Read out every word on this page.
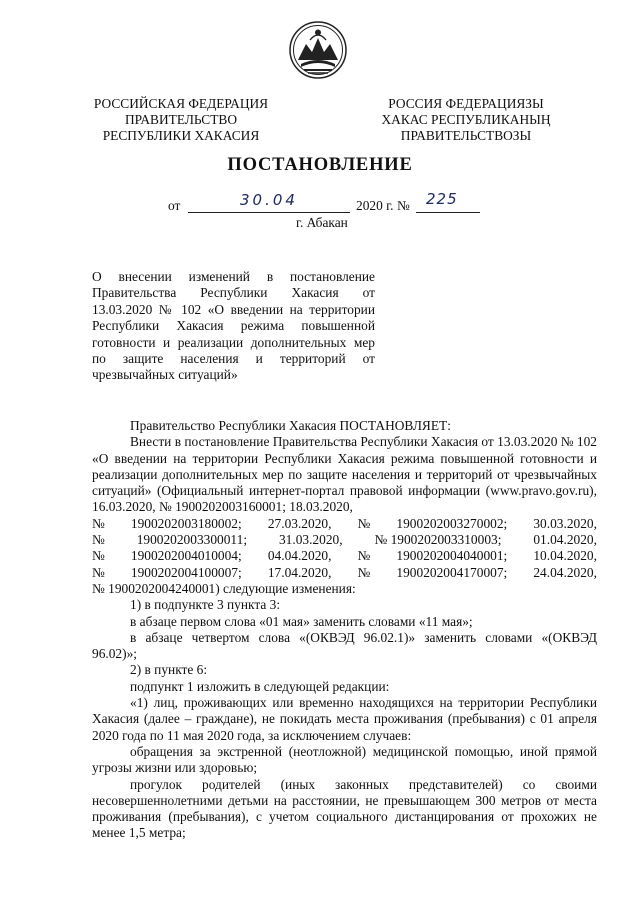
РОССИЙСКАЯ ФЕДЕРАЦИЯ
ПРАВИТЕЛЬСТВО
РЕСПУБЛИКИ ХАКАСИЯ
РОССИЯ ФЕДЕРАЦИЯЗЫ
ХАКАС РЕСПУБЛИКАНЫҢ
ПРАВИТЕЛЬСТВОЗЫ
ПОСТАНОВЛЕНИЕ
от	30.04	2020 г. № 225
г. Абакан
О внесении изменений в постановление Правительства Республики Хакасия от 13.03.2020 № 102 «О введении на территории Республики Хакасия режима повышенной готовности и реализации дополнительных мер по защите населения и территорий от чрезвычайных ситуаций»

Правительство Республики Хакасия ПОСТАНОВЛЯЕТ:

Внести в постановление Правительства Республики Хакасия от 13.03.2020 № 102 «О введении на территории Республики Хакасия режима повышенной готовности и реализации дополнительных мер по защите населения и территорий от чрезвычайных ситуаций» (Официальный интернет-портал правовой информации (www.pravo.gov.ru), 16.03.2020, № 1900202003160001; 18.03.2020,

№ 1900202003180002; 27.03.2020, № 1900202003270002; 30.03.2020,
№ 1900202003300011; 31.03.2020, № 1900202003310003; 01.04.2020,
№ 1900202004010004; 04.04.2020, № 1900202004040001; 10.04.2020,
№ 1900202004100007; 17.04.2020, № 1900202004170007; 24.04.2020,

№ 1900202004240001) следующие изменения:

1) в подпункте 3 пункта 3:

в абзаце первом слова «01 мая» заменить словами «11 мая»;

в абзаце четвертом слова «(ОКВЭД 96.02.1)» заменить словами «(ОКВЭД 96.02)»;

2) в пункте 6:

подпункт 1 изложить в следующей редакции:

«1) лиц, проживающих или временно находящихся на территории Республики Хакасия (далее – граждане), не покидать места проживания (пребывания) с 01 апреля 2020 года по 11 мая 2020 года, за исключением случаев:

обращения за экстренной (неотложной) медицинской помощью, иной прямой угрозы жизни или здоровью;

прогулок родителей (иных законных представителей) со своими несовершеннолетними детьми на расстоянии, не превышающем 300 метров от места проживания (пребывания), с учетом социального дистанцирования от прохожих не менее 1,5 метра;
